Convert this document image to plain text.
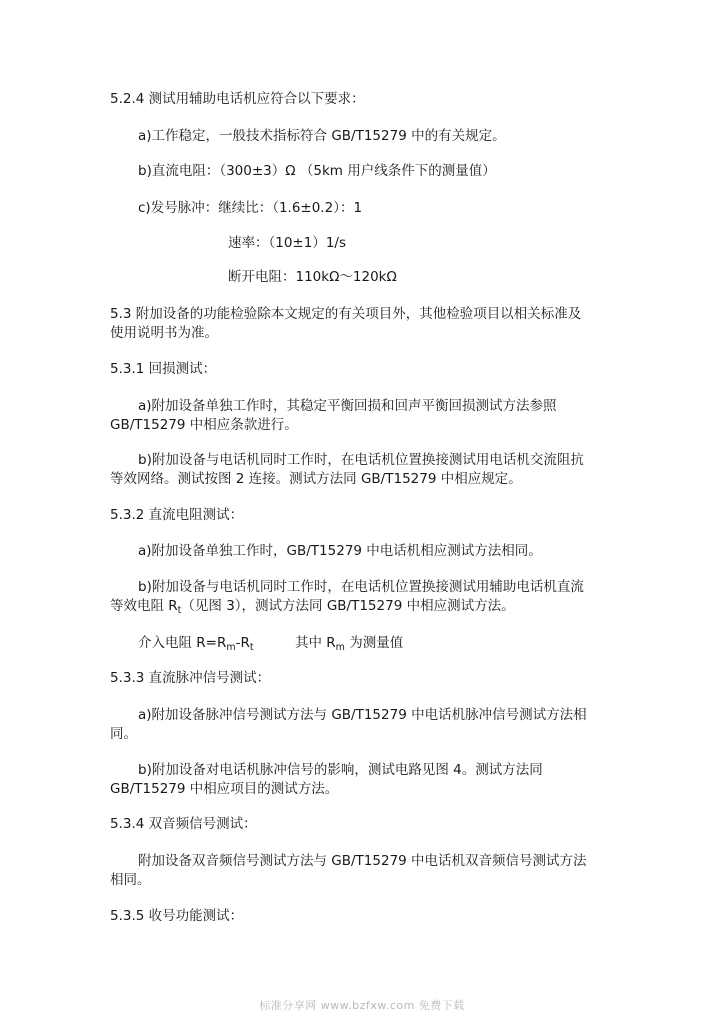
5.2.4 测试用辅助电话机应符合以下要求：
a)工作稳定，一般技术指标符合 GB/T15279 中的有关规定。
b)直流电阻：（300±3）Ω （5km 用户线条件下的测量值）
c)发号脉冲：继续比：（1.6±0.2）：1
速率：（10±1）1/s
断开电阻：110kΩ～120kΩ
5.3 附加设备的功能检验除本文规定的有关项目外，其他检验项目以相关标准及
使用说明书为准。
5.3.1 回损测试：
a)附加设备单独工作时，其稳定平衡回损和回声平衡回损测试方法参照
GB/T15279 中相应条款进行。
b)附加设备与电话机同时工作时，在电话机位置换接测试用电话机交流阻抗
等效网络。测试按图 2 连接。测试方法同 GB/T15279 中相应规定。
5.3.2 直流电阻测试：
a)附加设备单独工作时，GB/T15279 中电话机相应测试方法相同。
b)附加设备与电话机同时工作时，在电话机位置换接测试用辅助电话机直流
等效电阻 $R_t$（见图 3），测试方法同 GB/T15279 中相应测试方法。
介入电阻 $R=R_m-R_t$	其中 $R_m$ 为测量值
5.3.3 直流脉冲信号测试：
a)附加设备脉冲信号测试方法与 GB/T15279 中电话机脉冲信号测试方法相
同。
b)附加设备对电话机脉冲信号的影响，测试电路见图 4。测试方法同
GB/T15279 中相应项目的测试方法。
5.3.4 双音频信号测试：
附加设备双音频信号测试方法与 GB/T15279 中电话机双音频信号测试方法
相同。
5.3.5 收号功能测试：
标准分享网 www.bzfxw.com 免费下载
